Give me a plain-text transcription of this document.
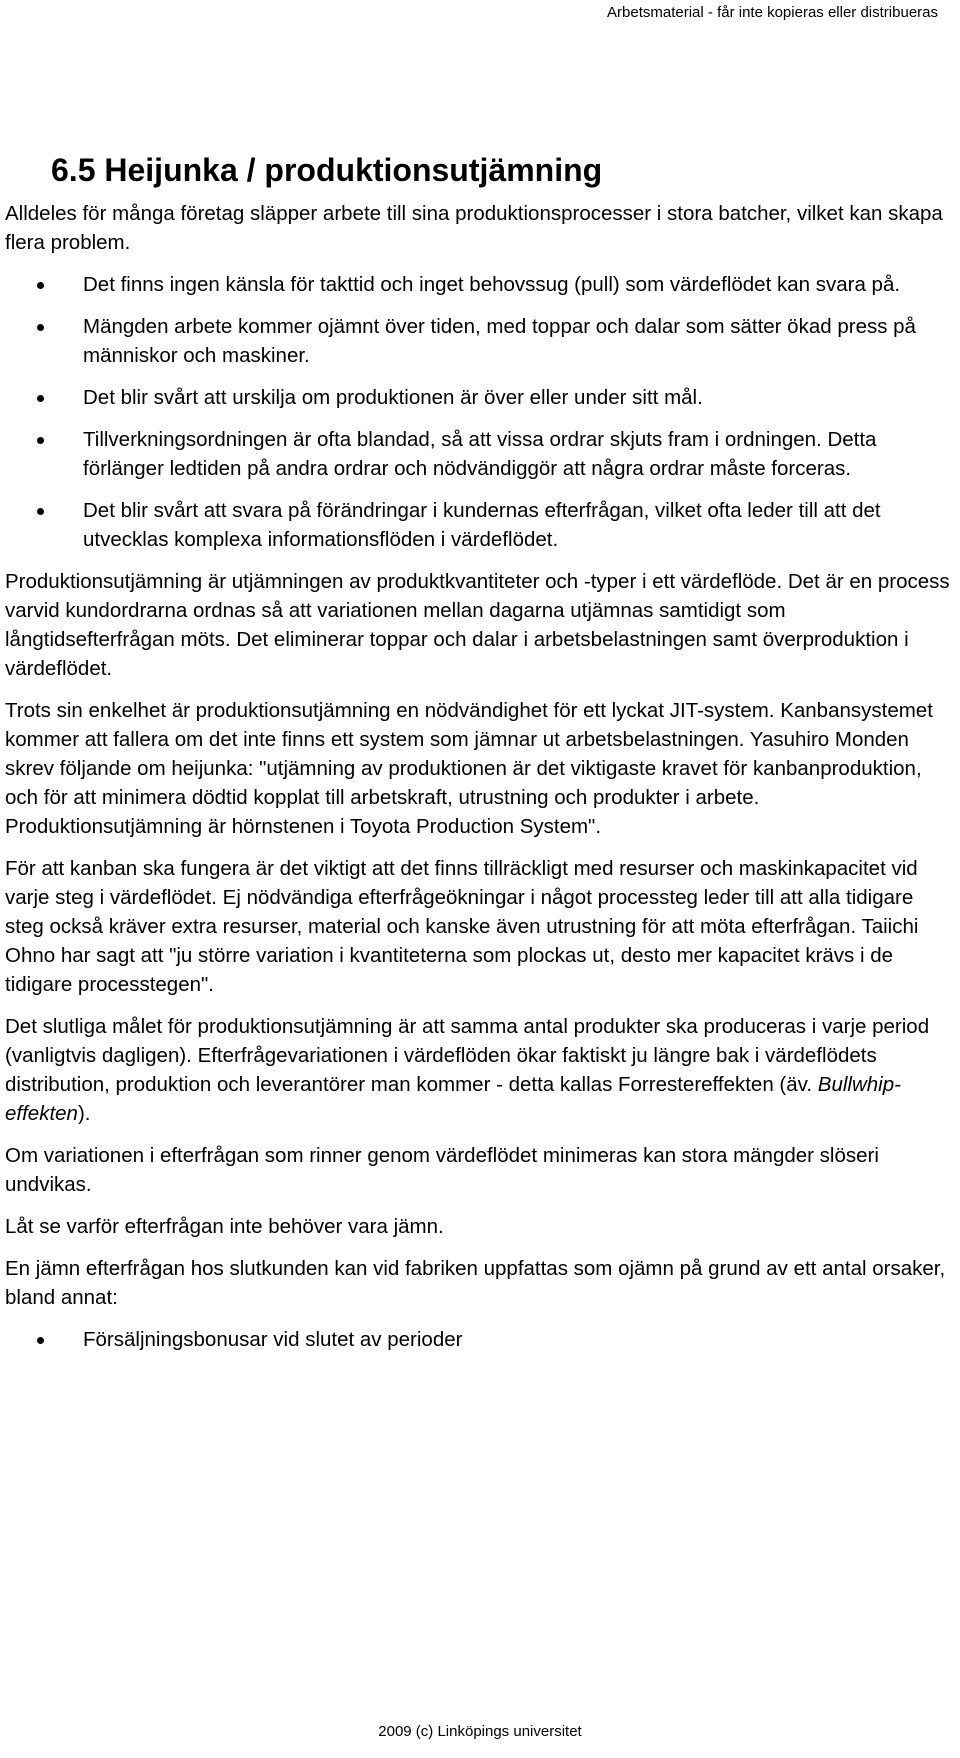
Arbetsmaterial - får inte kopieras eller distribueras
6.5 Heijunka / produktionsutjämning

Alldeles för många företag släpper arbete till sina produktionsprocesser i stora batcher, vilket kan skapa flera problem.

Det finns ingen känsla för takttid och inget behovssug (pull) som värdeflödet kan svara på.
Mängden arbete kommer ojämnt över tiden, med toppar och dalar som sätter ökad press på människor och maskiner.
Det blir svårt att urskilja om produktionen är över eller under sitt mål.
Tillverkningsordningen är ofta blandad, så att vissa ordrar skjuts fram i ordningen. Detta förlänger ledtiden på andra ordrar och nödvändiggör att några ordrar måste forceras.
Det blir svårt att svara på förändringar i kundernas efterfrågan, vilket ofta leder till att det utvecklas komplexa informationsflöden i värdeflödet.

Produktionsutjämning är utjämningen av produktkvantiteter och -typer i ett värdeflöde. Det är en process varvid kundordrarna ordnas så att variationen mellan dagarna utjämnas samtidigt som långtidsefterfrågan möts. Det eliminerar toppar och dalar i arbetsbelastningen samt överproduktion i värdeflödet.

Trots sin enkelhet är produktionsutjämning en nödvändighet för ett lyckat JIT-system. Kanbansystemet kommer att fallera om det inte finns ett system som jämnar ut arbetsbelastningen. Yasuhiro Monden skrev följande om heijunka: "utjämning av produktionen är det viktigaste kravet för kanbanproduktion, och för att minimera dödtid kopplat till arbetskraft, utrustning och produkter i arbete. Produktionsutjämning är hörnstenen i Toyota Production System".

För att kanban ska fungera är det viktigt att det finns tillräckligt med resurser och maskinkapacitet vid varje steg i värdeflödet. Ej nödvändiga efterfrågeökningar i något processteg leder till att alla tidigare steg också kräver extra resurser, material och kanske även utrustning för att möta efterfrågan. Taiichi Ohno har sagt att "ju större variation i kvantiteterna som plockas ut, desto mer kapacitet krävs i de tidigare processtegen".

Det slutliga målet för produktionsutjämning är att samma antal produkter ska produceras i varje period (vanligtvis dagligen). Efterfrågevariationen i värdeflöden ökar faktiskt ju längre bak i värdeflödets distribution, produktion och leverantörer man kommer - detta kallas Forrestereffekten (äv. Bullwhip-effekten).

Om variationen i efterfrågan som rinner genom värdeflödet minimeras kan stora mängder slöseri undvikas.

Låt se varför efterfrågan inte behöver vara jämn.

En jämn efterfrågan hos slutkunden kan vid fabriken uppfattas som ojämn på grund av ett antal orsaker, bland annat:

Försäljningsbonusar vid slutet av perioder
2009 (c) Linköpings universitet
